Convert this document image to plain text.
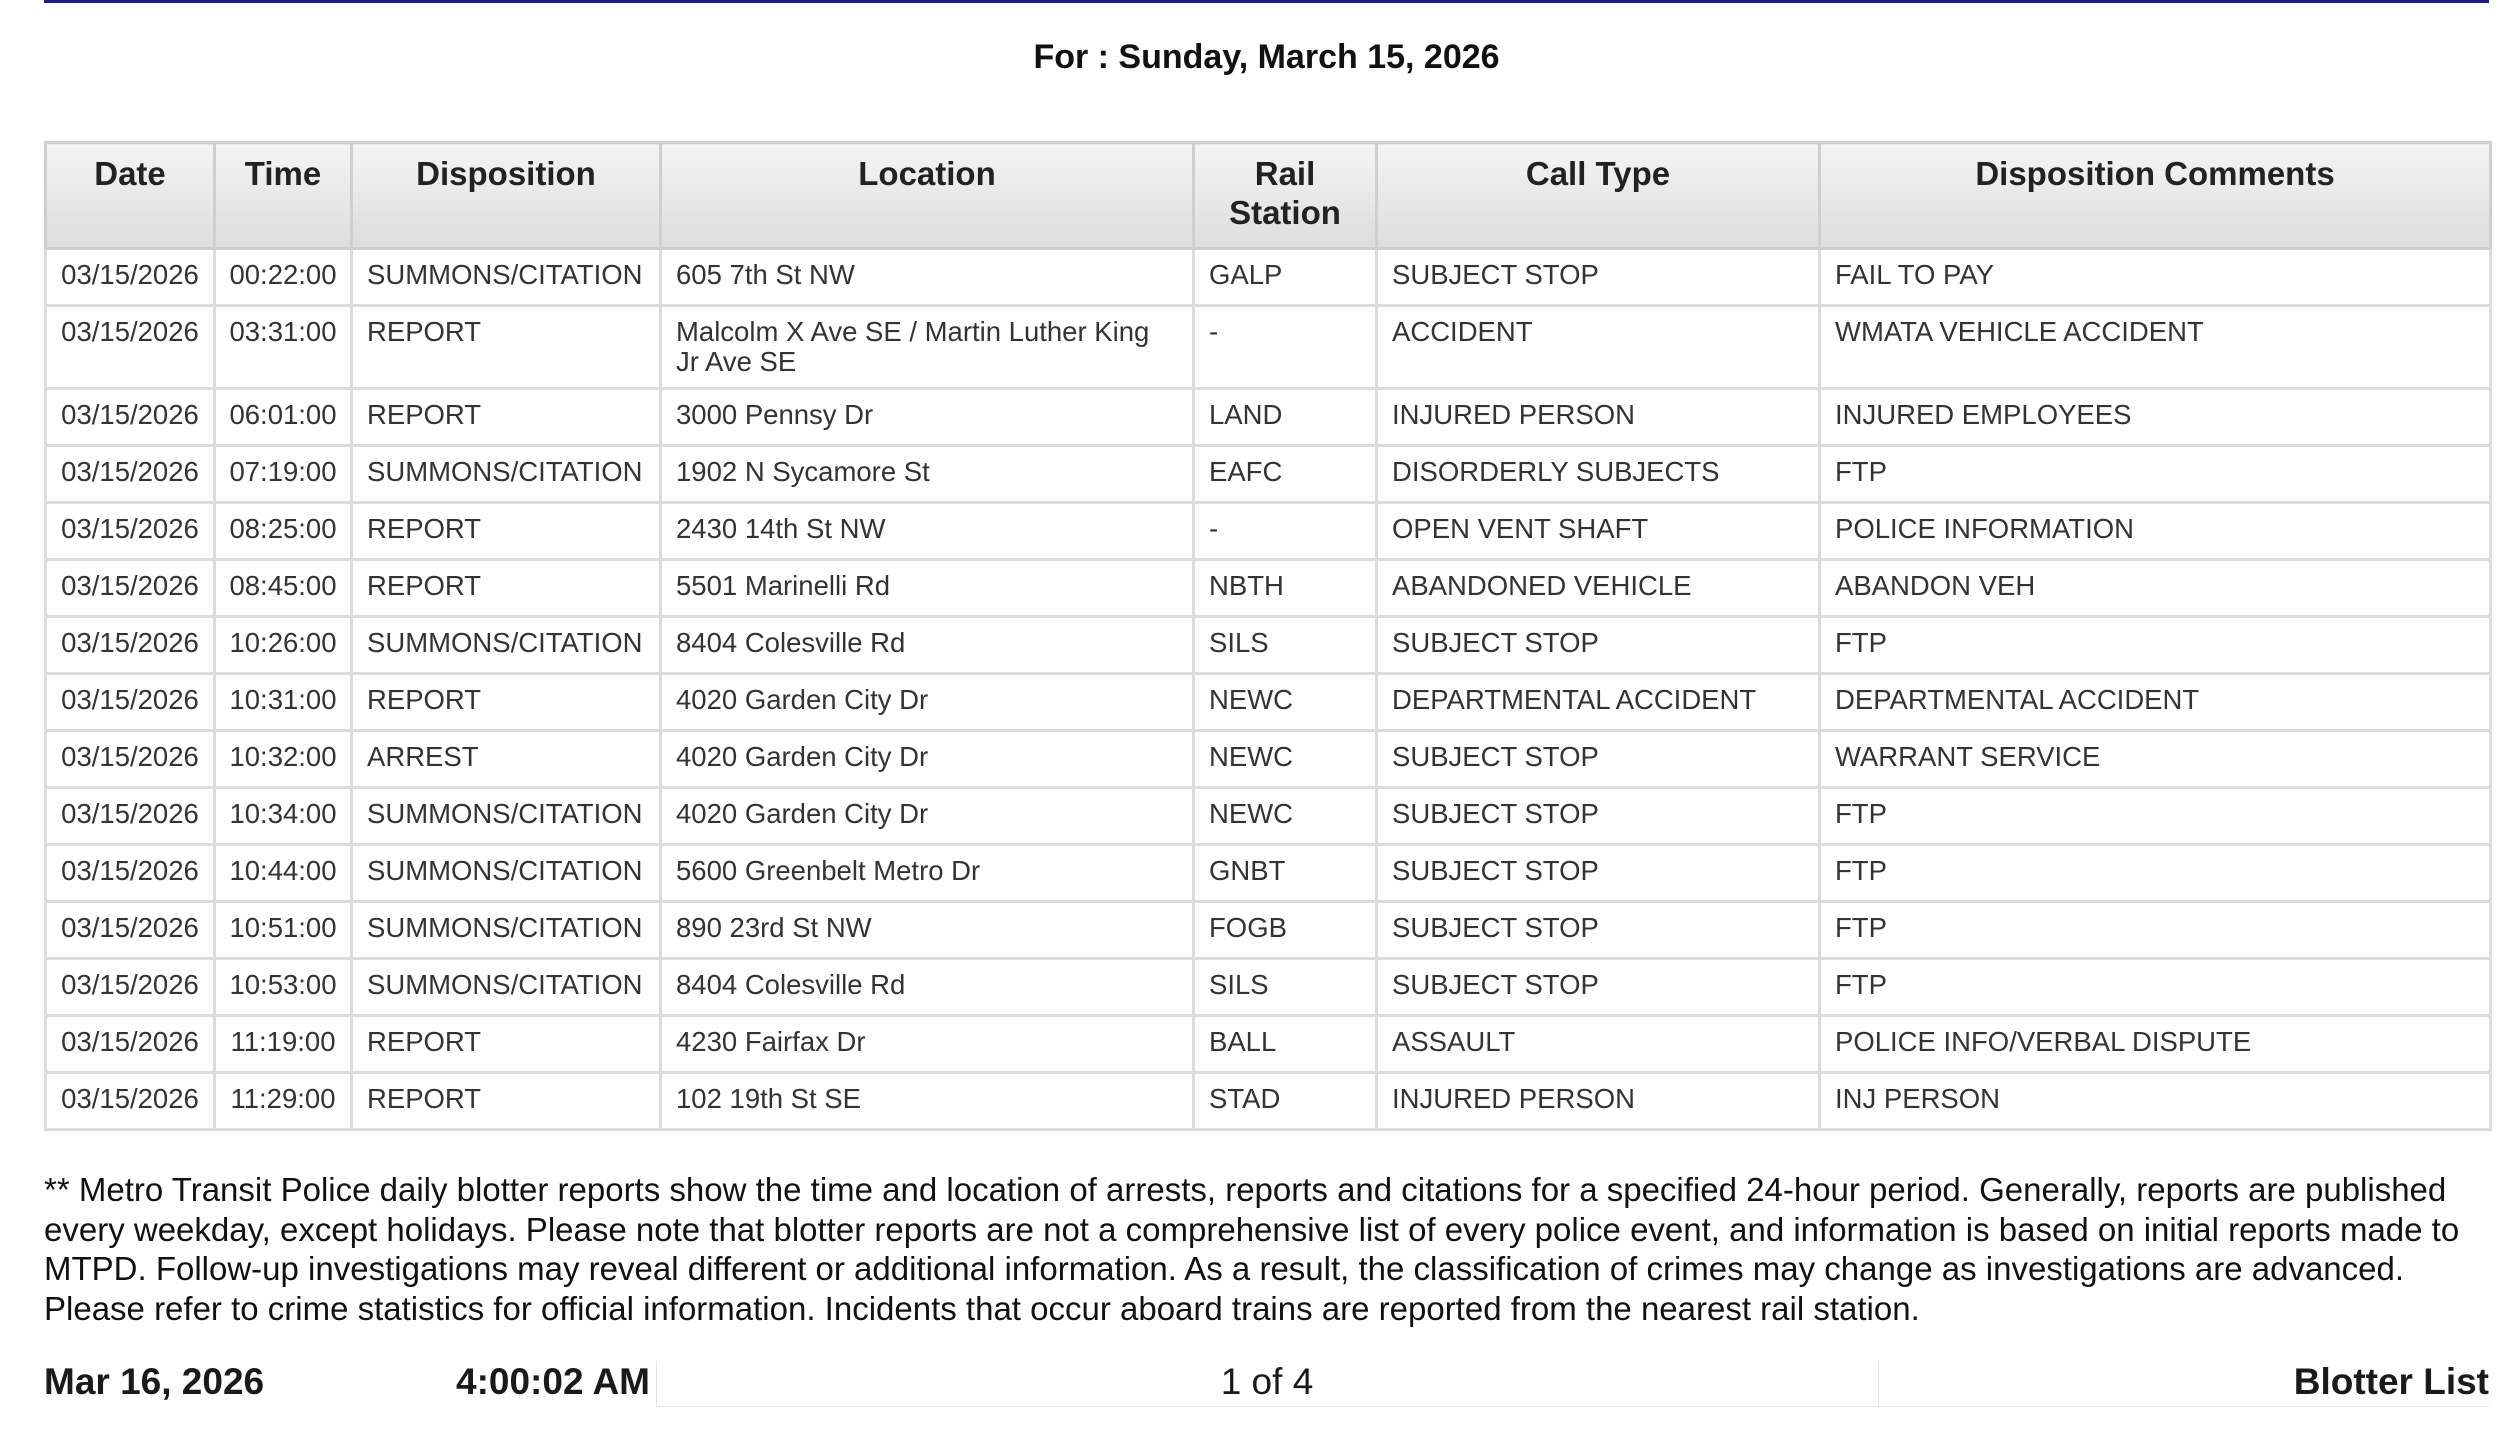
For : Sunday, March 15, 2026
Date	Time	Disposition	Location	Rail Station	Call Type	Disposition Comments
03/15/2026	00:22:00	SUMMONS/CITATION	605 7th St NW	GALP	SUBJECT STOP	FAIL TO PAY
03/15/2026	03:31:00	REPORT	Malcolm X Ave SE / Martin Luther King Jr Ave SE	-	ACCIDENT	WMATA VEHICLE ACCIDENT
03/15/2026	06:01:00	REPORT	3000 Pennsy Dr	LAND	INJURED PERSON	INJURED EMPLOYEES
03/15/2026	07:19:00	SUMMONS/CITATION	1902 N Sycamore St	EAFC	DISORDERLY SUBJECTS	FTP
03/15/2026	08:25:00	REPORT	2430 14th St NW	-	OPEN VENT SHAFT	POLICE INFORMATION
03/15/2026	08:45:00	REPORT	5501 Marinelli Rd	NBTH	ABANDONED VEHICLE	ABANDON VEH
03/15/2026	10:26:00	SUMMONS/CITATION	8404 Colesville Rd	SILS	SUBJECT STOP	FTP
03/15/2026	10:31:00	REPORT	4020 Garden City Dr	NEWC	DEPARTMENTAL ACCIDENT	DEPARTMENTAL ACCIDENT
03/15/2026	10:32:00	ARREST	4020 Garden City Dr	NEWC	SUBJECT STOP	WARRANT SERVICE
03/15/2026	10:34:00	SUMMONS/CITATION	4020 Garden City Dr	NEWC	SUBJECT STOP	FTP
03/15/2026	10:44:00	SUMMONS/CITATION	5600 Greenbelt Metro Dr	GNBT	SUBJECT STOP	FTP
03/15/2026	10:51:00	SUMMONS/CITATION	890 23rd St NW	FOGB	SUBJECT STOP	FTP
03/15/2026	10:53:00	SUMMONS/CITATION	8404 Colesville Rd	SILS	SUBJECT STOP	FTP
03/15/2026	11:19:00	REPORT	4230 Fairfax Dr	BALL	ASSAULT	POLICE INFO/VERBAL DISPUTE
03/15/2026	11:29:00	REPORT	102 19th St SE	STAD	INJURED PERSON	INJ PERSON
** Metro Transit Police daily blotter reports show the time and location of arrests, reports and citations for a specified 24-hour period. Generally, reports are published every weekday, except holidays. Please note that blotter reports are not a comprehensive list of every police event, and information is based on initial reports made to MTPD. Follow-up investigations may reveal different or additional information. As a result, the classification of crimes may change as investigations are advanced. Please refer to crime statistics for official information. Incidents that occur aboard trains are reported from the nearest rail station.
Mar 16, 2026	4:00:02 AM	1 of 4	Blotter List
